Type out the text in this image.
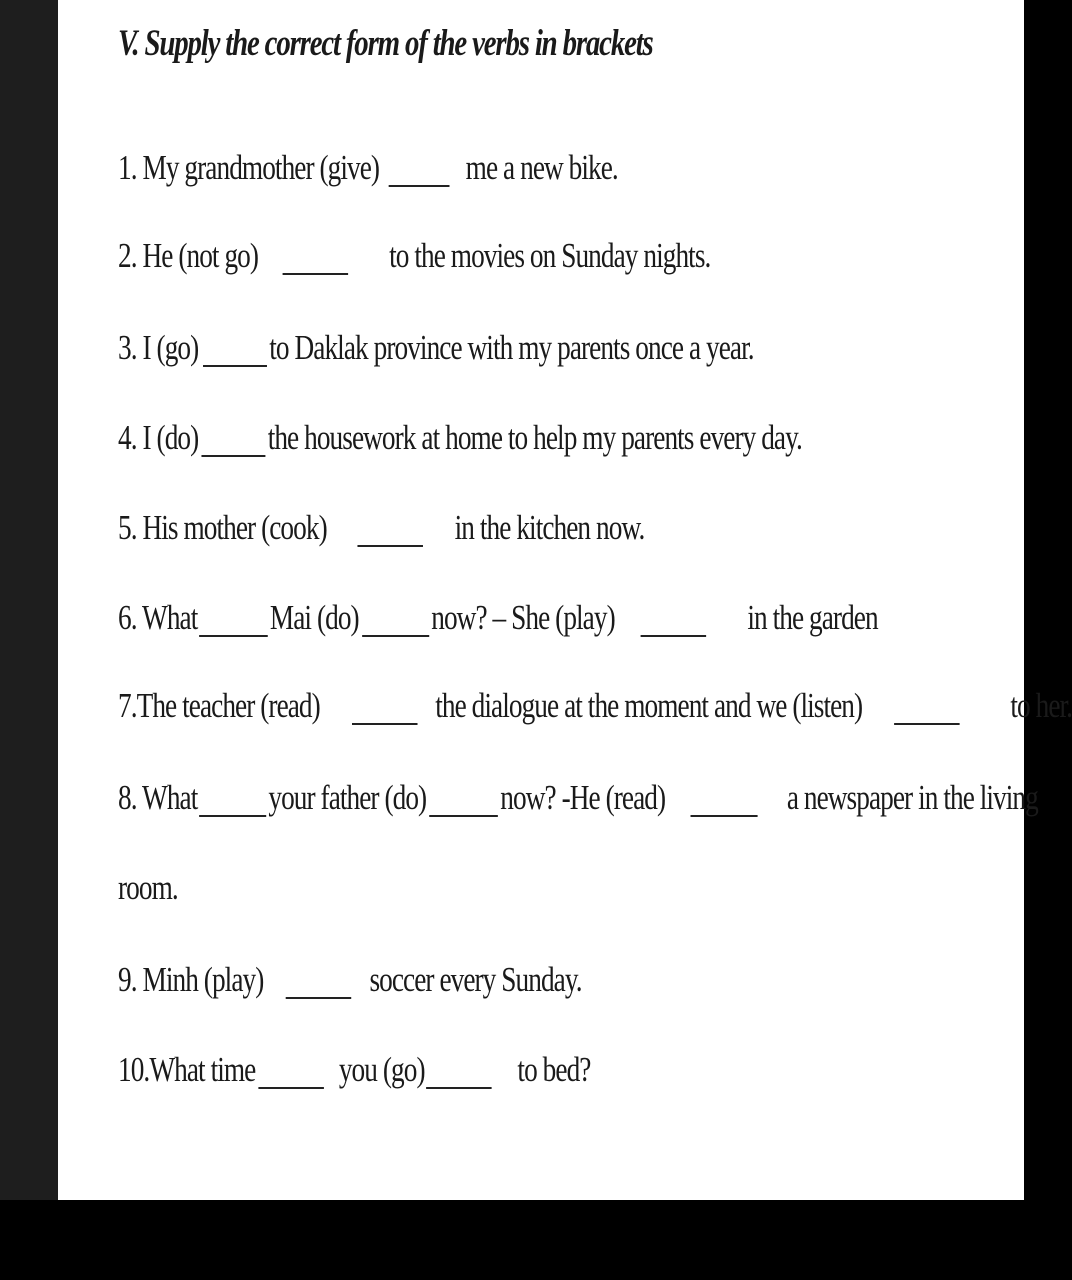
V. Supply the correct form of the verbs in brackets
1. My grandmother (give) me a new bike.
2. He (not go)	to the movies on Sunday nights.
3. I (go) to Daklak province with my parents once a year.
4. I (do) the housework at home to help my parents every day.
5. His mother (cook)	in the kitchen now.
6. What Mai (do) now? – She (play)	in the garden
7.The teacher (read)	the dialogue at the moment and we (listen)	to her.
8. What your father (do) now? -He (read)	a newspaper in the living
room.
9. Minh (play)	soccer every Sunday.
10.What time you (go)	to bed?
